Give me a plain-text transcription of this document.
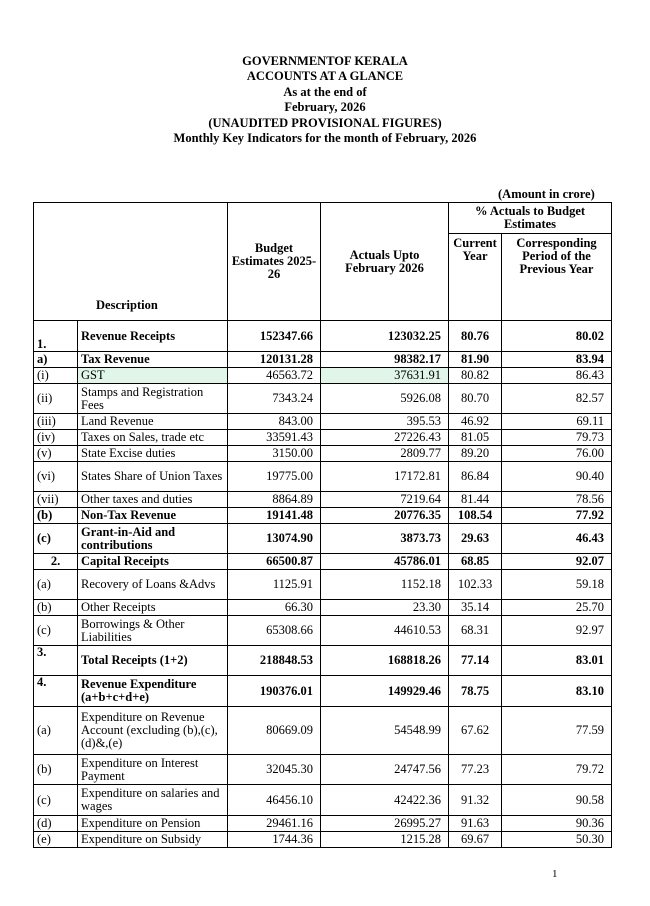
GOVERNMENTOF KERALA
ACCOUNTS AT A GLANCE
As at the end of
February, 2026
(UNAUDITED PROVISIONAL FIGURES)
Monthly Key Indicators for the month of February, 2026
(Amount in crore)
Description		Budget Estimates 2025-26	Actuals Upto February 2026	% Actuals to Budget Estimates	
				Current Year	Corresponding Period of the Previous Year
1.	Revenue Receipts	152347.66	123032.25	80.76	80.02
a)	Tax Revenue	120131.28	98382.17	81.90	83.94
(i)	GST	46563.72	37631.91	80.82	86.43
(ii)	Stamps and Registration Fees	7343.24	5926.08	80.70	82.57
(iii)	Land Revenue	843.00	395.53	46.92	69.11
(iv)	Taxes on Sales, trade etc	33591.43	27226.43	81.05	79.73
(v)	State Excise duties	3150.00	2809.77	89.20	76.00
(vi)	States Share of Union Taxes	19775.00	17172.81	86.84	90.40
(vii)	Other taxes and duties	8864.89	7219.64	81.44	78.56
(b)	Non-Tax Revenue	19141.48	20776.35	108.54	77.92
(c)	Grant-in-Aid and contributions	13074.90	3873.73	29.63	46.43
2.	Capital Receipts	66500.87	45786.01	68.85	92.07
(a)	Recovery of Loans &Advs	1125.91	1152.18	102.33	59.18
(b)	Other Receipts	66.30	23.30	35.14	25.70
(c)	Borrowings & Other Liabilities	65308.66	44610.53	68.31	92.97
3.	Total Receipts (1+2)	218848.53	168818.26	77.14	83.01
4.	Revenue Expenditure (a+b+c+d+e)	190376.01	149929.46	78.75	83.10
(a)	Expenditure on Revenue Account (excluding (b),(c),(d)&,(e)	80669.09	54548.99	67.62	77.59
(b)	Expenditure on Interest Payment	32045.30	24747.56	77.23	79.72
(c)	Expenditure on salaries and wages	46456.10	42422.36	91.32	90.58
(d)	Expenditure on Pension	29461.16	26995.27	91.63	90.36
(e)	Expenditure on Subsidy	1744.36	1215.28	69.67	50.30
1
